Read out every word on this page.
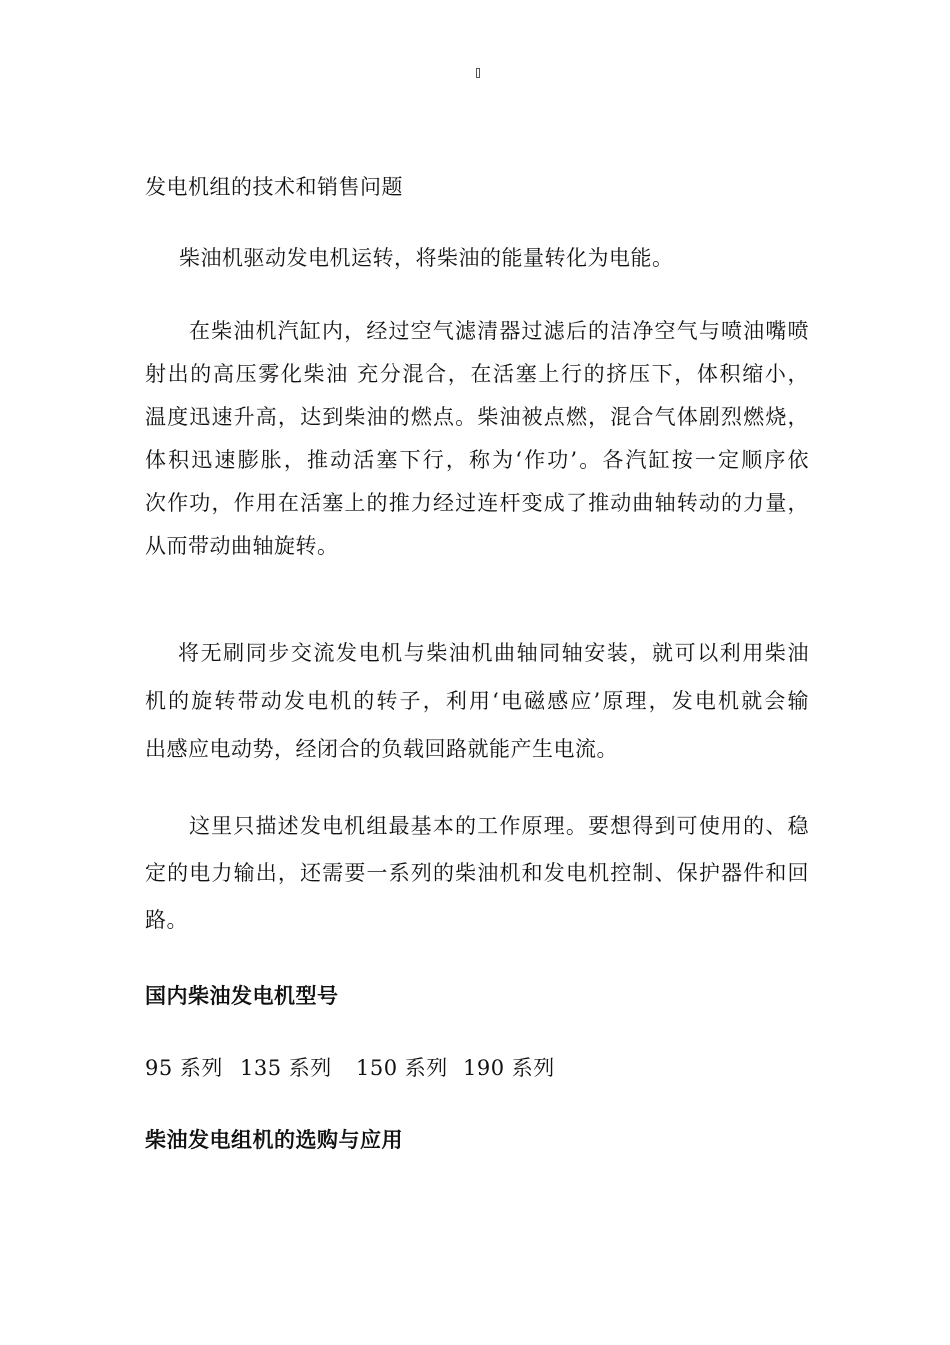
发电机组的技术和销售问题
柴油机驱动发电机运转，将柴油的能量转化为电能。
在柴油机汽缸内，经过空气滤清器过滤后的洁净空气与喷油嘴喷
射出的高压雾化柴油 充分混合，在活塞上行的挤压下，体积缩小，
温度迅速升高，达到柴油的燃点。柴油被点燃，混合气体剧烈燃烧，
体积迅速膨胀，推动活塞下行，称为‘作功’。各汽缸按一定顺序依
次作功，作用在活塞上的推力经过连杆变成了推动曲轴转动的力量，
从而带动曲轴旋转。
将无刷同步交流发电机与柴油机曲轴同轴安装，就可以利用柴油
机的旋转带动发电机的转子，利用‘电磁感应’原理，发电机就会输
出感应电动势，经闭合的负载回路就能产生电流。
这里只描述发电机组最基本的工作原理。要想得到可使用的、稳
定的电力输出，还需要一系列的柴油机和发电机控制、保护器件和回
路。
国内柴油发电机型号
95 系列 135 系列 150 系列 190 系列
柴油发电组机的选购与应用
